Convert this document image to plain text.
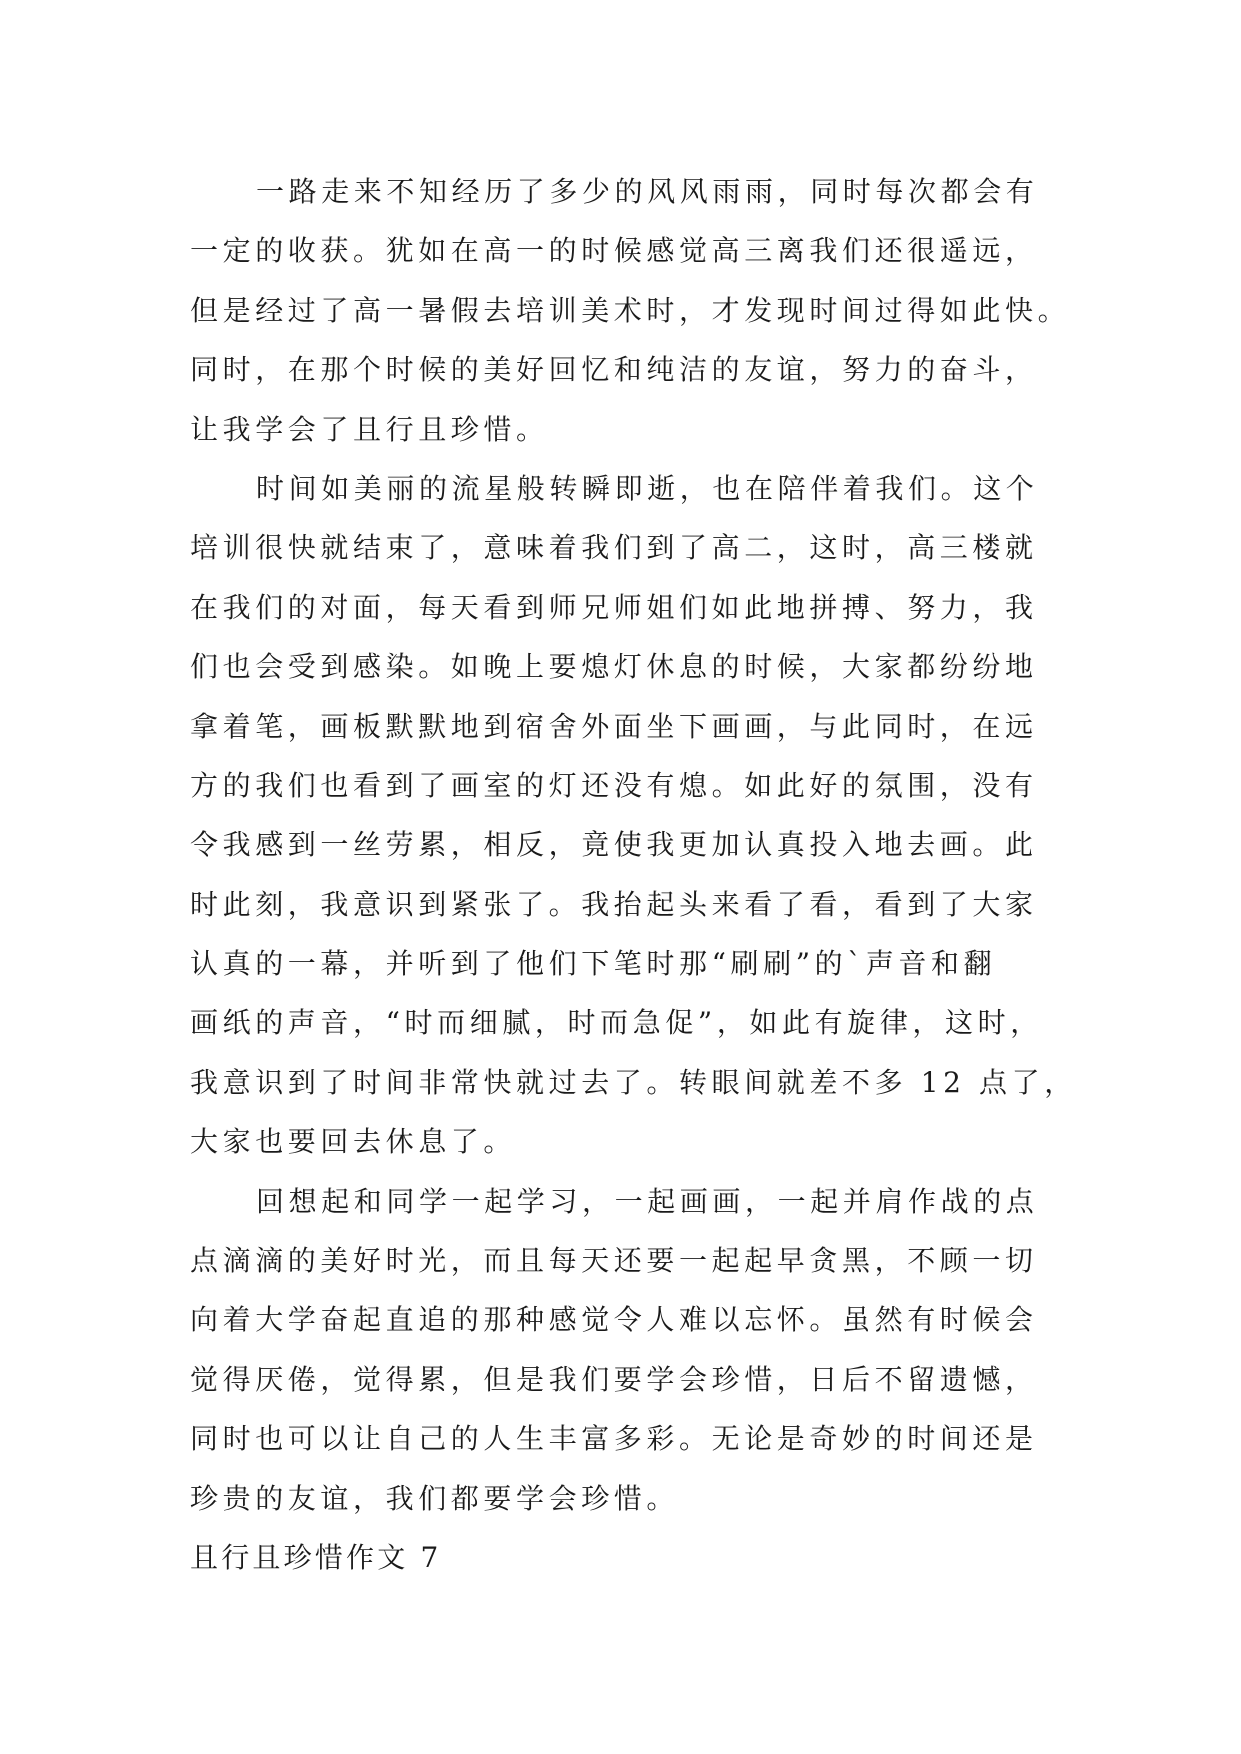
一路走来不知经历了多少的风风雨雨，同时每次都会有
一定的收获。犹如在高一的时候感觉高三离我们还很遥远，
但是经过了高一暑假去培训美术时，才发现时间过得如此快。
同时，在那个时候的美好回忆和纯洁的友谊，努力的奋斗，
让我学会了且行且珍惜。
时间如美丽的流星般转瞬即逝，也在陪伴着我们。这个
培训很快就结束了，意味着我们到了高二，这时，高三楼就
在我们的对面，每天看到师兄师姐们如此地拼搏、努力，我
们也会受到感染。如晚上要熄灯休息的时候，大家都纷纷地
拿着笔，画板默默地到宿舍外面坐下画画，与此同时，在远
方的我们也看到了画室的灯还没有熄。如此好的氛围，没有
令我感到一丝劳累，相反，竟使我更加认真投入地去画。此
时此刻，我意识到紧张了。我抬起头来看了看，看到了大家
认真的一幕，并听到了他们下笔时那“刷刷”的`声音和翻
画纸的声音，“时而细腻，时而急促”，如此有旋律，这时，
我意识到了时间非常快就过去了。转眼间就差不多 12 点了，
大家也要回去休息了。
回想起和同学一起学习，一起画画，一起并肩作战的点
点滴滴的美好时光，而且每天还要一起起早贪黑，不顾一切
向着大学奋起直追的那种感觉令人难以忘怀。虽然有时候会
觉得厌倦，觉得累，但是我们要学会珍惜，日后不留遗憾，
同时也可以让自己的人生丰富多彩。无论是奇妙的时间还是
珍贵的友谊，我们都要学会珍惜。
且行且珍惜作文 7
